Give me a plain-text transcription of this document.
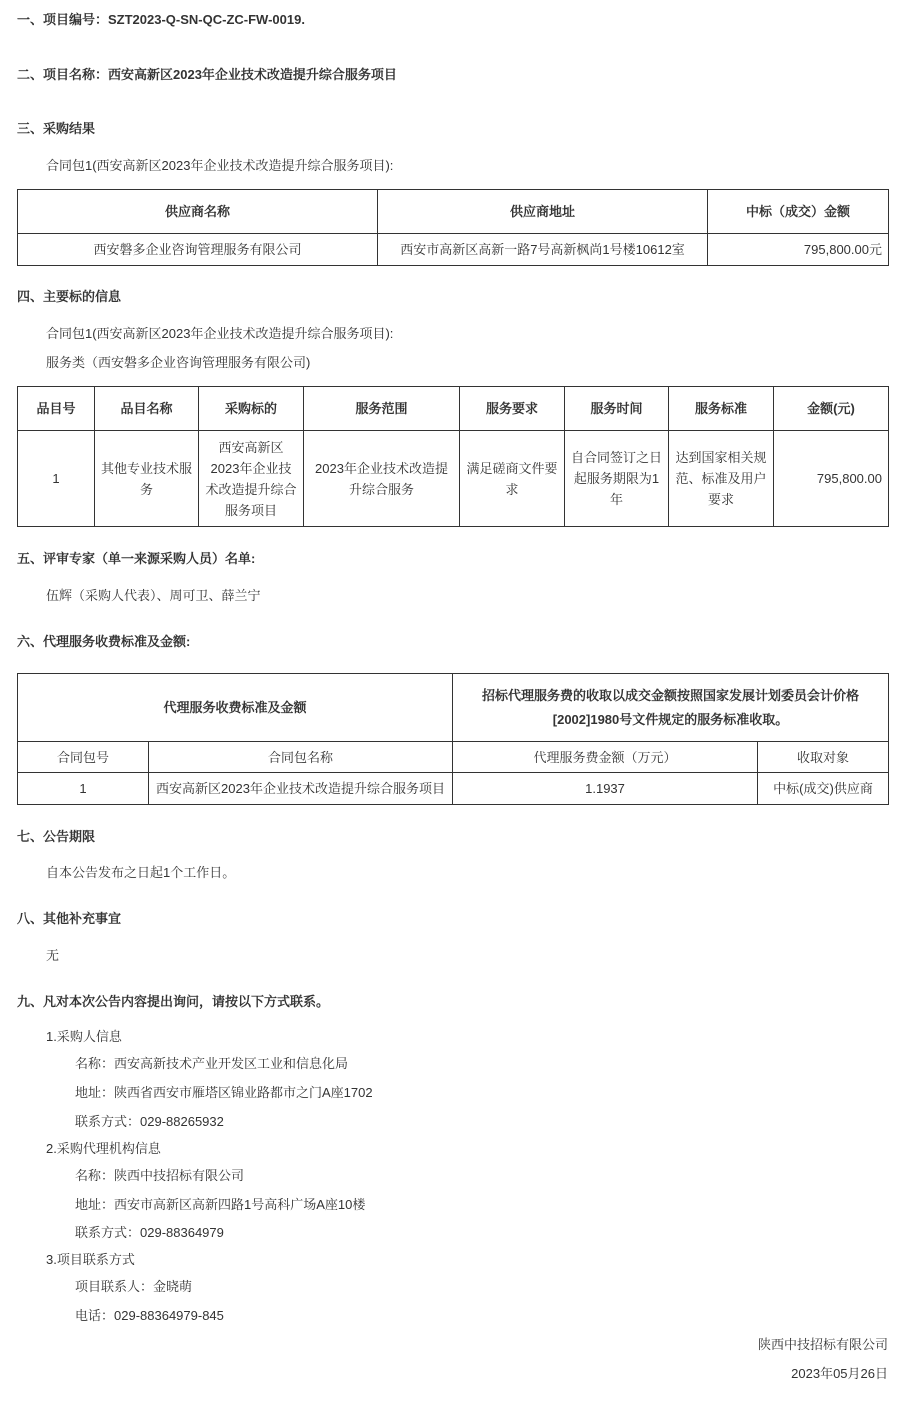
一、项目编号：SZT2023-Q-SN-QC-ZC-FW-0019.
二、项目名称：西安高新区2023年企业技术改造提升综合服务项目
三、采购结果
合同包1(西安高新区2023年企业技术改造提升综合服务项目):
供应商名称	供应商地址	中标（成交）金额
西安磐多企业咨询管理服务有限公司	西安市高新区高新一路7号高新枫尚1号楼10612室	795,800.00元
四、主要标的信息
合同包1(西安高新区2023年企业技术改造提升综合服务项目):
服务类（西安磐多企业咨询管理服务有限公司)
品目号	品目名称	采购标的	服务范围	服务要求	服务时间	服务标准	金额(元)
1	其他专业技术服务	西安高新区2023年企业技术改造提升综合服务项目	2023年企业技术改造提升综合服务	满足磋商文件要求	自合同签订之日起服务期限为1年	达到国家相关规范、标准及用户要求	795,800.00
五、评审专家（单一来源采购人员）名单:
伍辉（采购人代表）、周可卫、薛兰宁
六、代理服务收费标准及金额:
代理服务收费标准及金额		招标代理服务费的收取以成交金额按照国家发展计划委员会计价格[2002]1980号文件规定的服务标准收取。	
合同包号	合同包名称	代理服务费金额（万元）	收取对象
1	西安高新区2023年企业技术改造提升综合服务项目	1.1937	中标(成交)供应商
七、公告期限
自本公告发布之日起1个工作日。
八、其他补充事宜
无
九、凡对本次公告内容提出询问，请按以下方式联系。
1.采购人信息
名称：西安高新技术产业开发区工业和信息化局
地址：陕西省西安市雁塔区锦业路都市之门A座1702
联系方式：029-88265932
2.采购代理机构信息
名称：陕西中技招标有限公司
地址：西安市高新区高新四路1号高科广场A座10楼
联系方式：029-88364979
3.项目联系方式
项目联系人：金晓萌
电话：029-88364979-845
陕西中技招标有限公司
2023年05月26日
